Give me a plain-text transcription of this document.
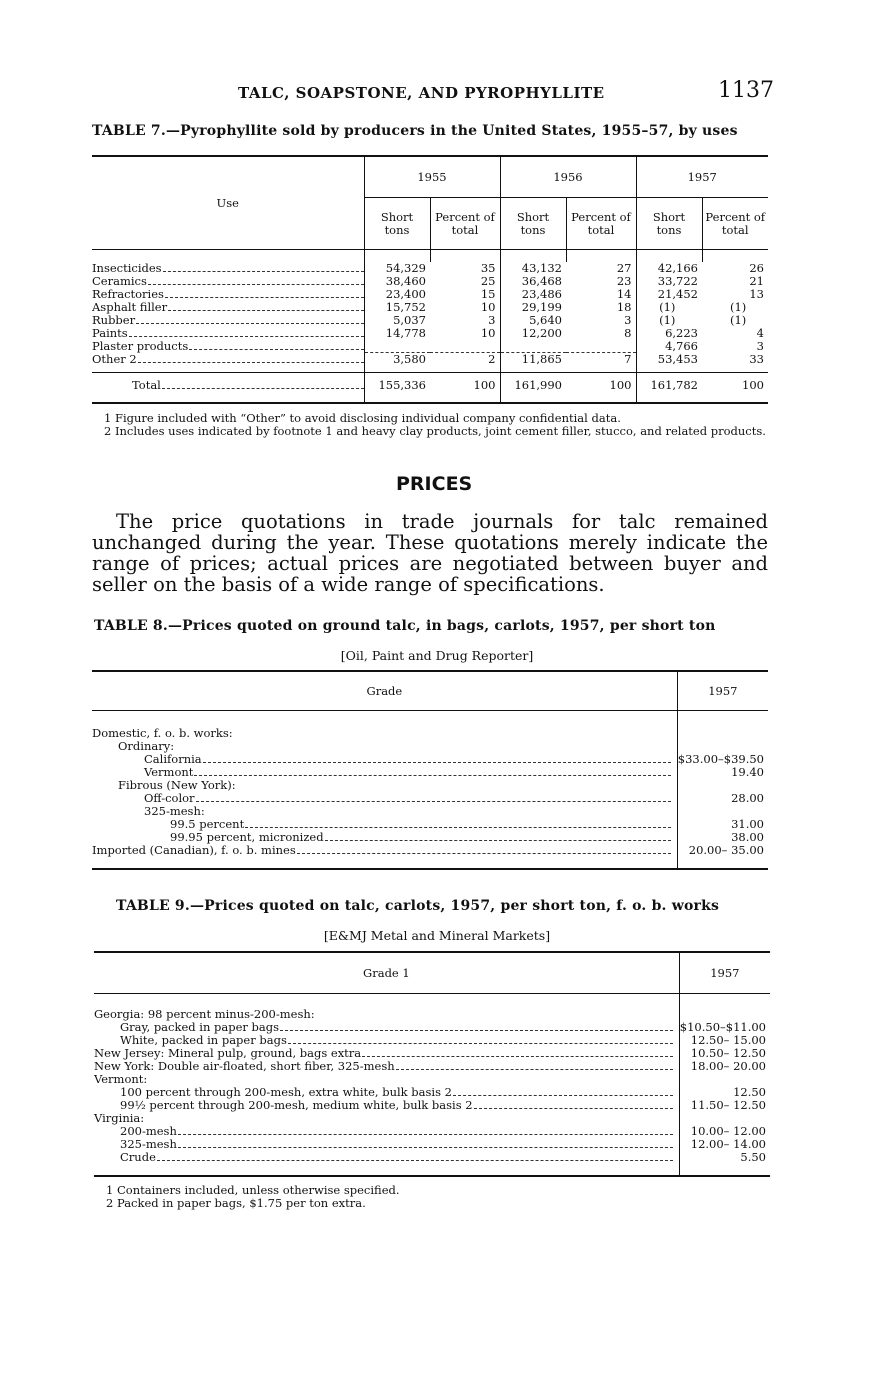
TALC, SOAPSTONE, AND PYROPHYLLITE	1137
TABLE 7.—Pyrophyllite sold by producers in the United States, 1955–57, by uses
Use	1955		1956		1957	
	Short tons	Percent of total	Short tons	Percent of total	Short tons	Percent of total

Insecticides	54,329	35	43,132	27	42,166	26

Ceramics	38,460	25	36,468	23	33,722	21

Refractories	23,400	15	23,486	14	21,452	13

Asphalt filler	15,752	10	29,199	18	(1)	(1)

Rubber	5,037	3	5,640	3	(1)	(1)

Paints	14,778	10	12,200	8	6,223	4

Plaster products					4,766	3

Other 2	3,580	2	11,865	7	53,453	33

Total	155,336	100	161,990	100	161,782	100

1 Figure included with “Other” to avoid disclosing individual company confidential data.
2 Includes uses indicated by footnote 1 and heavy clay products, joint cement filler, stucco, and related products.
PRICES
The price quotations in trade journals for talc remained unchanged during the year. These quotations merely indicate the range of prices; actual prices are negotiated between buyer and seller on the basis of a wide range of specifications.
TABLE 8.—Prices quoted on ground talc, in bags, carlots, 1957, per short ton
[Oil, Paint and Drug Reporter]
Grade	1957

Domestic, f. o. b. works:	
Ordinary:	

California	$33.00–$39.50

Vermont	19.40
Fibrous (New York):	

Off-color	28.00
325-mesh:	

99.5 percent	31.00

99.95 percent, micronized	38.00

Imported (Canadian), f. o. b. mines	20.00– 35.00

TABLE 9.—Prices quoted on talc, carlots, 1957, per short ton, f. o. b. works
[E&MJ Metal and Mineral Markets]
Grade 1	1957

Georgia: 98 percent minus-200-mesh:	

Gray, packed in paper bags	$10.50–$11.00

White, packed in paper bags	12.50– 15.00

New Jersey: Mineral pulp, ground, bags extra	10.50– 12.50

New York: Double air-floated, short fiber, 325-mesh	18.00– 20.00
Vermont:	

100 percent through 200-mesh, extra white, bulk basis 2	12.50

99½ percent through 200-mesh, medium white, bulk basis 2	11.50– 12.50
Virginia:	

200-mesh	10.00– 12.00

325-mesh	12.00– 14.00

Crude	5.50

1 Containers included, unless otherwise specified.
2 Packed in paper bags, $1.75 per ton extra.
